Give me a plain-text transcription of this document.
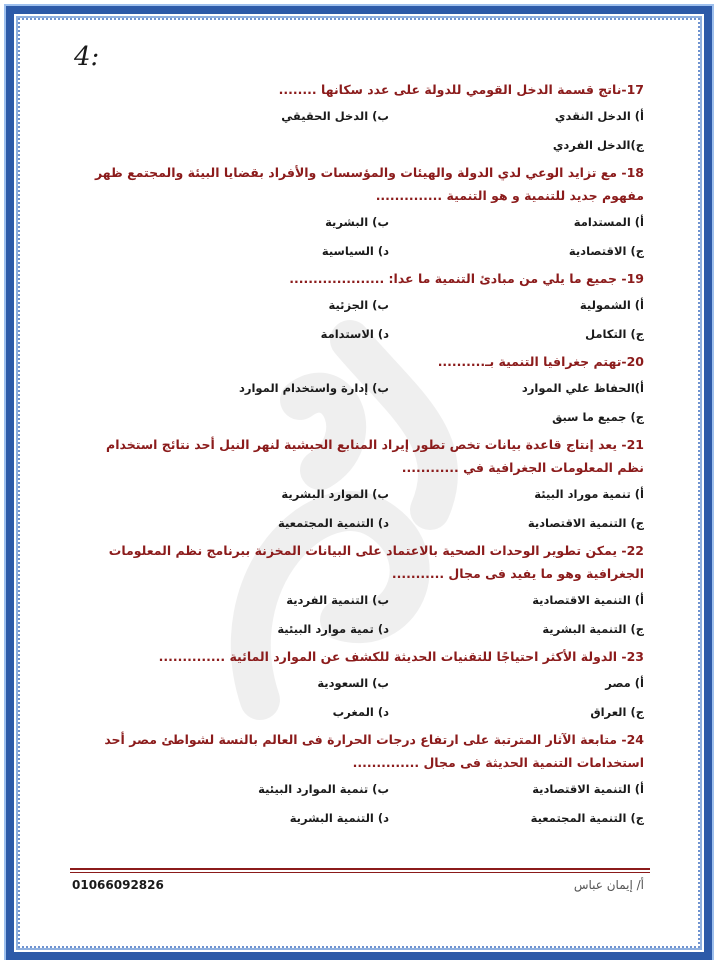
4:

17-ناتج قسمة الدخل القومي للدولة على عدد سكانها ........

أ) الدخل النقدي
ب) الدخل الحقيقي
ج)الدخل الفردي

18- مع تزايد الوعي لدي الدولة والهيئات والمؤسسات والأفراد بقضايا البيئة والمجتمع ظهر مفهوم جديد للتنمية و هو التنمية ..............

أ) المستدامة
ب) البشرية
ج) الاقتصادية
د) السياسية

19- جميع ما يلي من مبادئ التنمية ما عدا: ....................

أ) الشمولية
ب) الجزئية
ج) التكامل
د) الاستدامة

20-تهتم جغرافيا التنمية بـ..........

أ)الحفاظ علي الموارد
ب) إدارة واستخدام الموارد
ج) جميع ما سبق

21- يعد إنتاج قاعدة بيانات تخص تطور إيراد المنابع الحبشية لنهر النيل أحد نتائج استخدام نظم المعلومات الجغرافية في ............

أ) تنمية موراد البيئة
ب) الموارد البشرية
ج) التنمية الاقتصادية
د) التنمية المجتمعية

22- يمكن تطوير الوحدات الصحية بالاعتماد على البيانات المخزنة ببرنامج نظم المعلومات الجغرافية وهو ما يفيد فى مجال ...........

أ) التنمية الاقتصادية
ب) التنمية الفردية
ج) التنمية البشرية
د) تمية موارد البيئية

23- الدولة الأكثر احتياجًا للتقنيات الحديثة للكشف عن الموارد المائية ..............

أ) مصر
ب) السعودية
ج) العراق
د) المغرب

24- متابعة الآثار المترتبة على ارتفاع درجات الحرارة فى العالم بالنسة لشواطئ مصر أحد استخدامات التنمية الحديثة فى مجال ..............

أ) التنمية الاقتصادية
ب) تنمية الموارد البيئية
ج) التنمية المجتمعية
د) التنمية البشرية
01066092826	أ/ إيمان عباس
